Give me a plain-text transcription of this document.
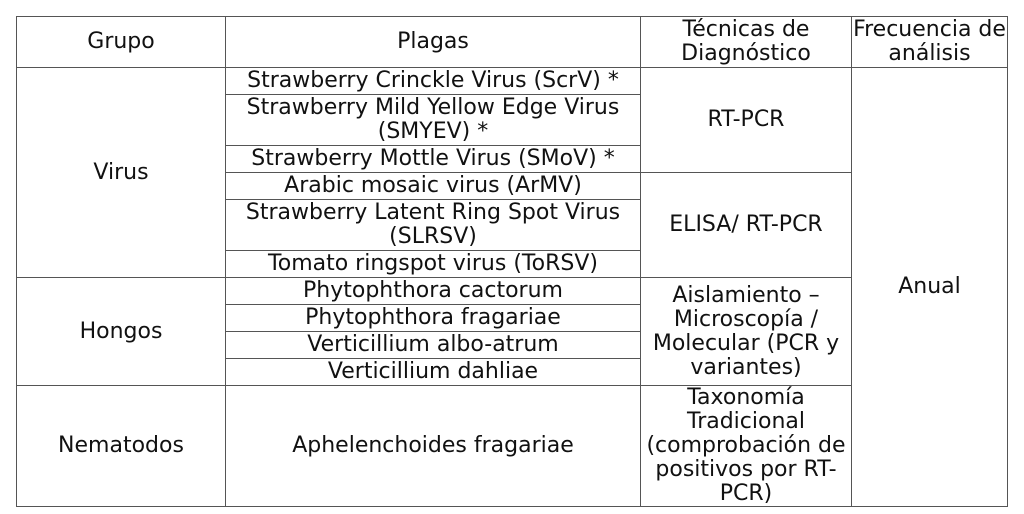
Grupo	Plagas	Técnicas de Diagnóstico	Frecuencia de análisis
Virus	Strawberry Crinckle Virus (ScrV) *	RT-PCR	Anual
	Strawberry Mild Yellow Edge Virus (SMYEV) *		
	Strawberry Mottle Virus (SMoV) *		
	Arabic mosaic virus (ArMV)	ELISA/ RT-PCR	
	Strawberry Latent Ring Spot Virus (SLRSV)		
	Tomato ringspot virus (ToRSV)		
Hongos	Phytophthora cactorum	Aislamiento – Microscopía / Molecular (PCR y variantes)	
	Phytophthora fragariae		
	Verticillium albo-atrum		
	Verticillium dahliae		
Nematodos	Aphelenchoides fragariae	Taxonomía Tradicional (comprobación de positivos por RT-PCR)	
